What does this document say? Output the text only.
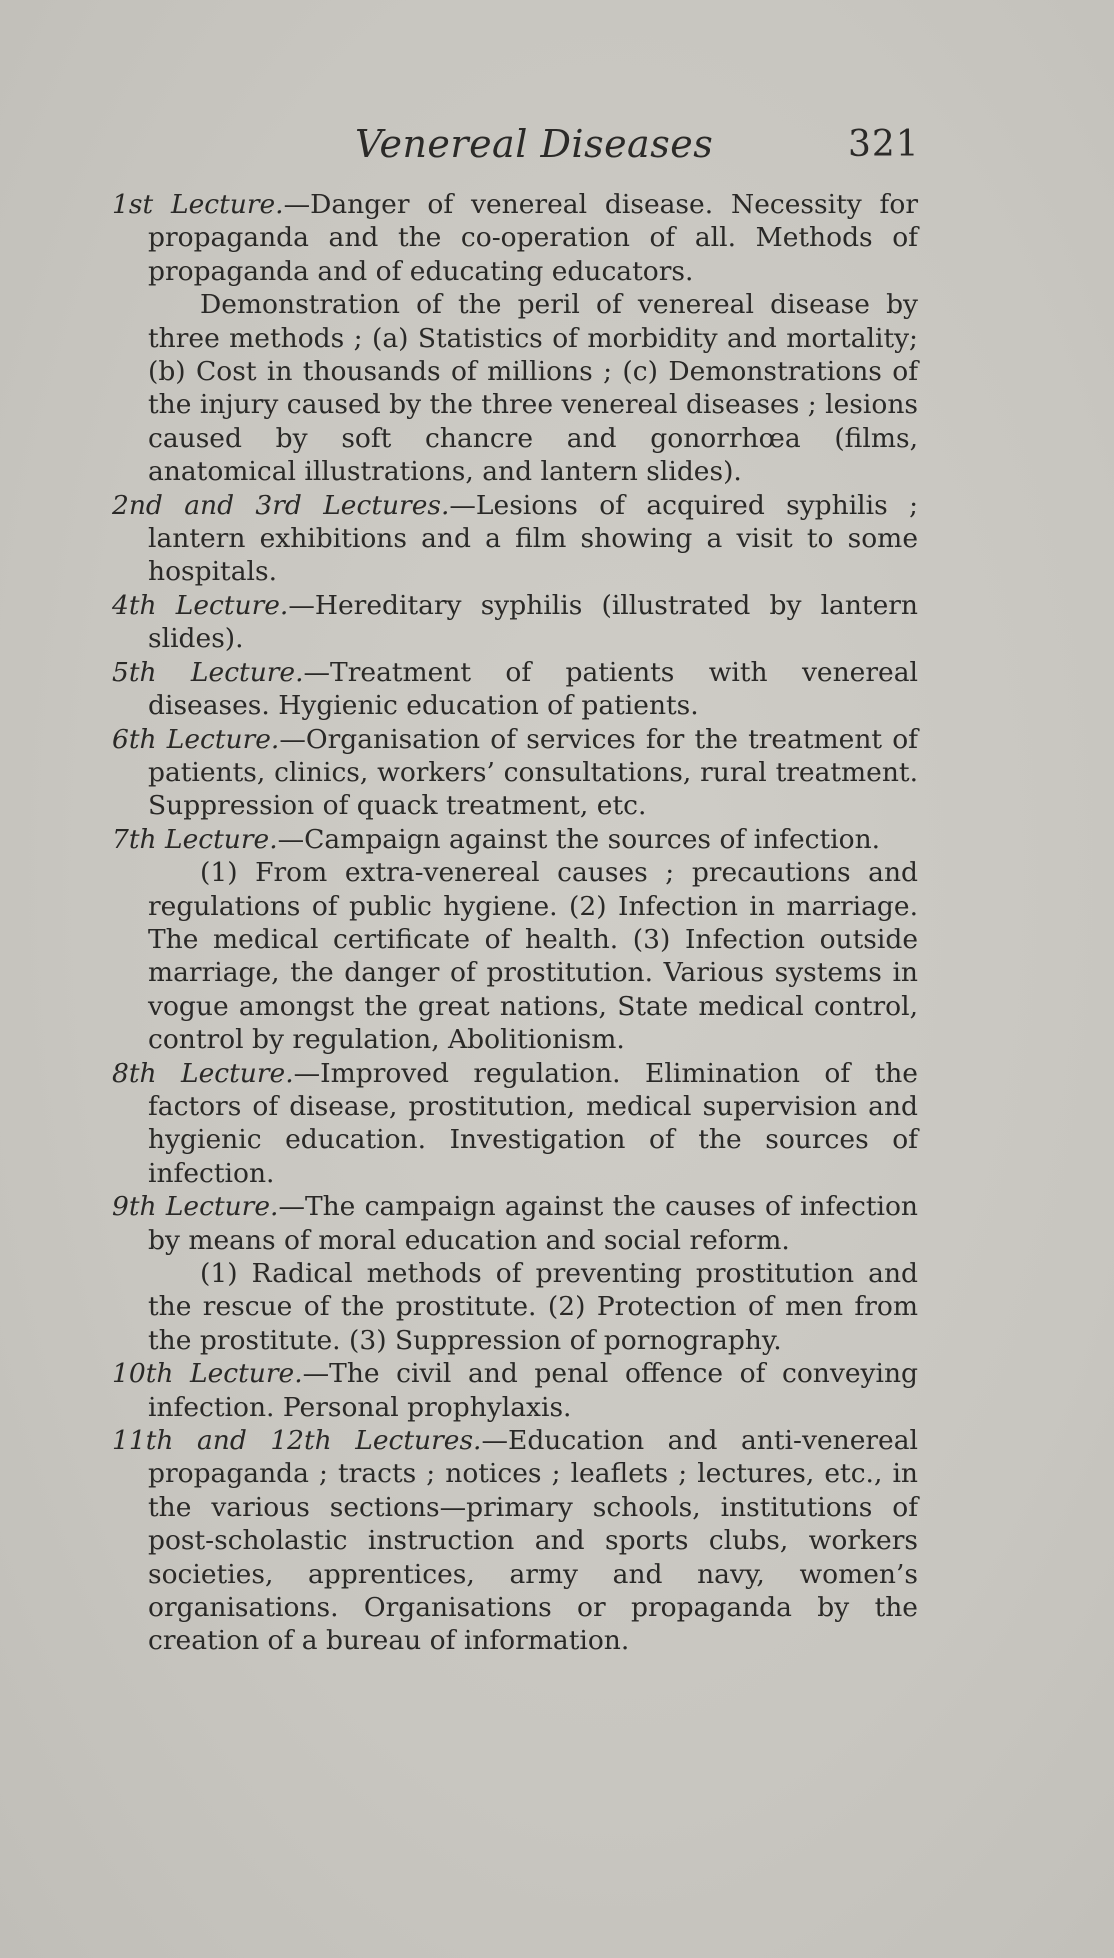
Venereal Diseases	321

1st Lecture.—Danger of venereal disease. Necessity for propaganda and the co-operation of all. Methods of propaganda and of educating educators.

Demonstration of the peril of venereal disease by three methods ; (a) Statistics of morbidity and mortality; (b) Cost in thousands of millions ; (c) Demonstrations of the injury caused by the three venereal diseases ; lesions caused by soft chancre and gonorrhœa (films, anatomical illustrations, and lantern slides).

2nd and 3rd Lectures.—Lesions of acquired syphilis ; lantern exhibitions and a film showing a visit to some hospitals.

4th Lecture.—Hereditary syphilis (illustrated by lantern slides).

5th Lecture.—Treatment of patients with venereal diseases. Hygienic education of patients.

6th Lecture.—Organisation of services for the treatment of patients, clinics, workers’ consultations, rural treatment. Suppression of quack treatment, etc.

7th Lecture.—Campaign against the sources of infection.

(1) From extra-venereal causes ; precautions and regulations of public hygiene. (2) Infection in marriage. The medical certificate of health. (3) Infection outside marriage, the danger of prostitution. Various systems in vogue amongst the great nations, State medical control, control by regulation, Abolitionism.

8th Lecture.—Improved regulation. Elimination of the factors of disease, prostitution, medical supervision and hygienic education. Investigation of the sources of infection.

9th Lecture.—The campaign against the causes of infection by means of moral education and social reform.

(1) Radical methods of preventing prostitution and the rescue of the prostitute. (2) Protection of men from the prostitute. (3) Suppression of pornography.

10th Lecture.—The civil and penal offence of conveying infection. Personal prophylaxis.

11th and 12th Lectures.—Education and anti-venereal propaganda ; tracts ; notices ; leaflets ; lectures, etc., in the various sections—primary schools, institutions of post-scholastic instruction and sports clubs, workers societies, apprentices, army and navy, women’s organisations. Organisations or propaganda by the creation of a bureau of information.
